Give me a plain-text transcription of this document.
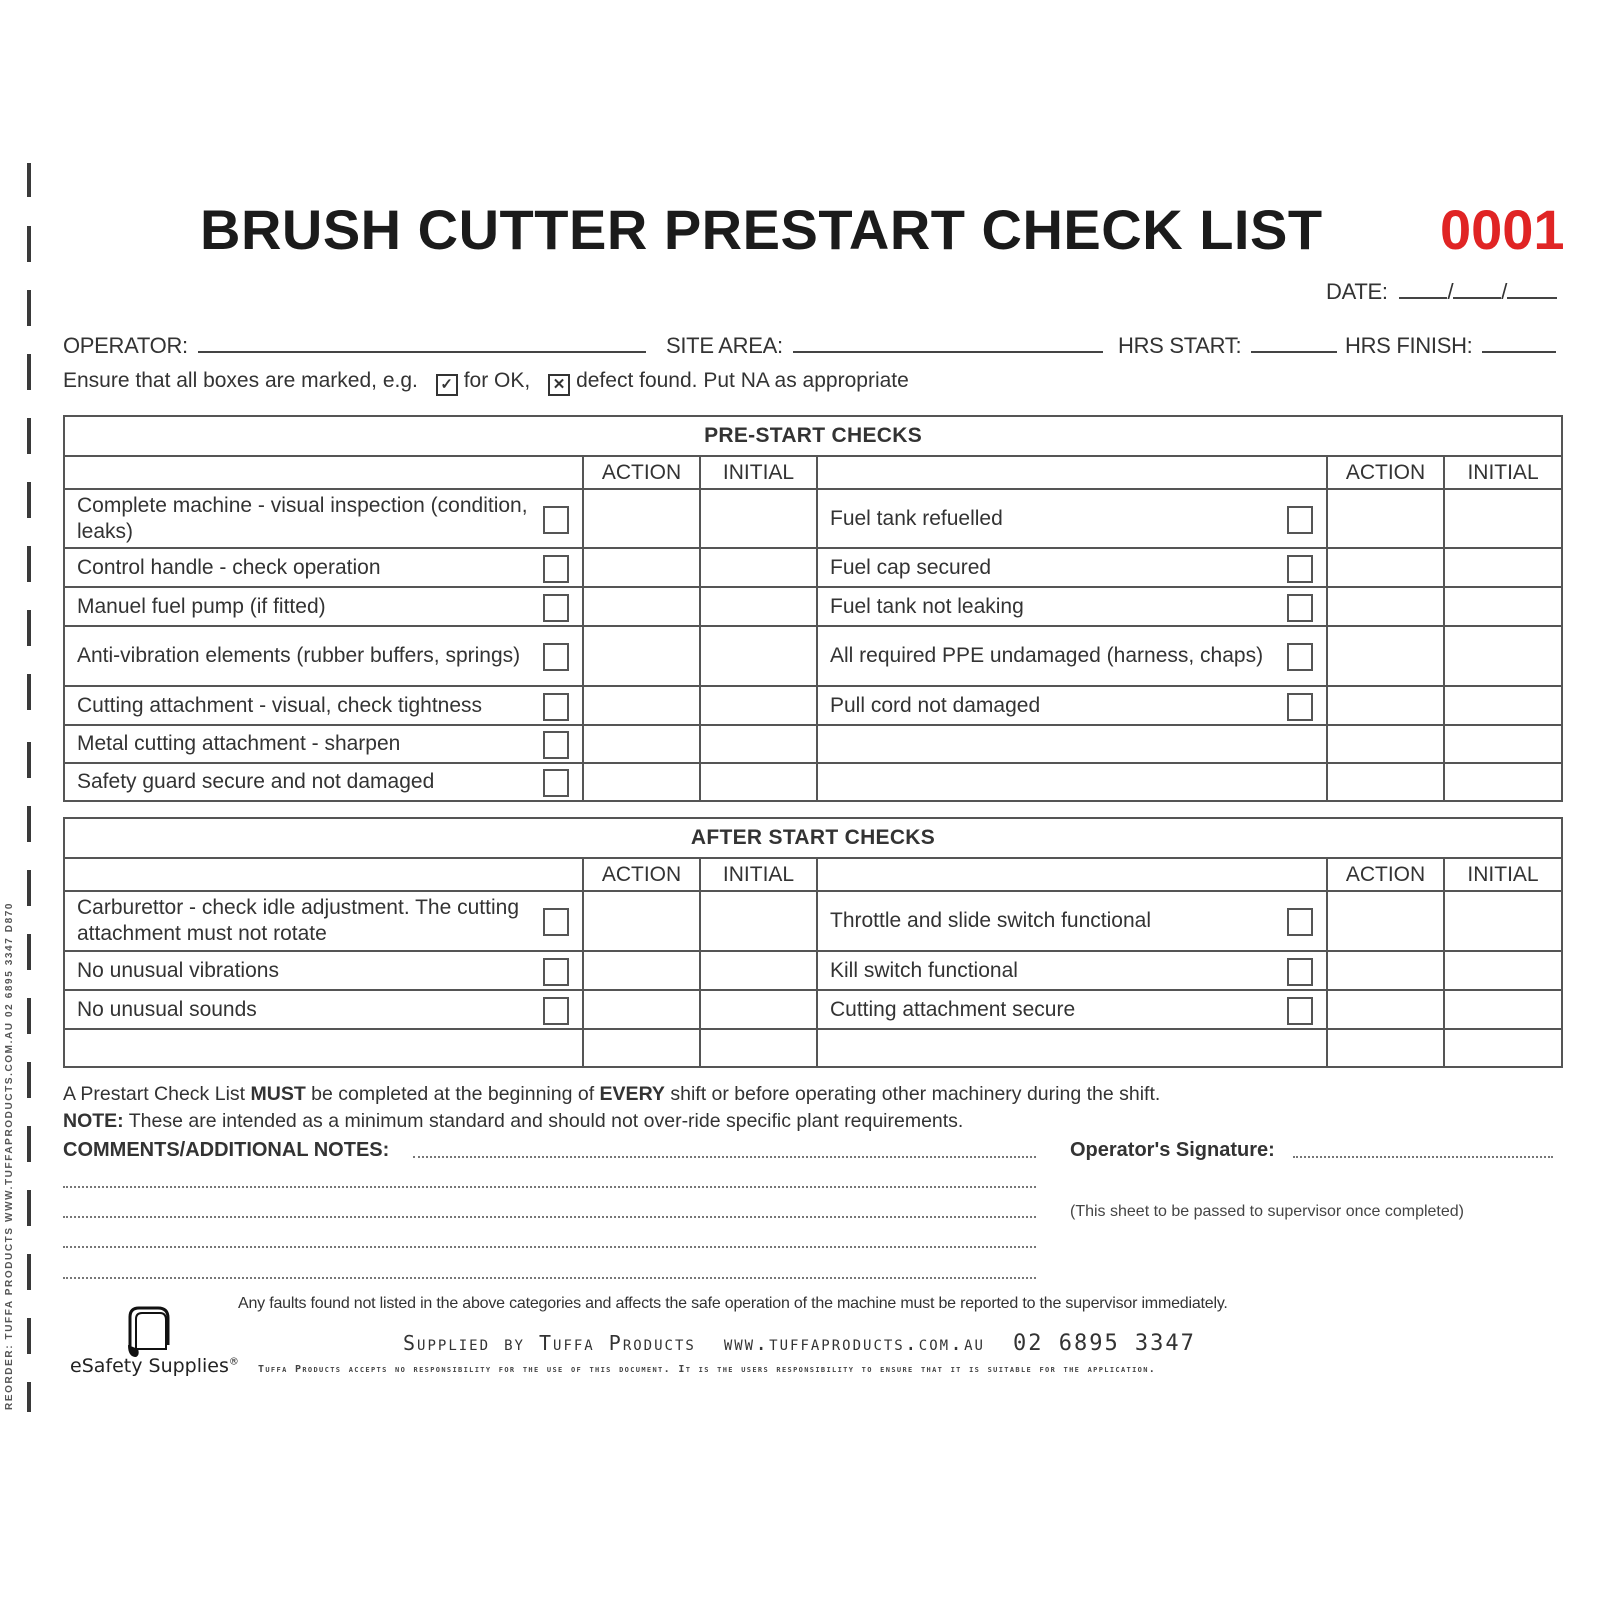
REORDER: TUFFA PRODUCTS WWW.TUFFAPRODUCTS.COM.AU 02 6895 3347 D870
BRUSH CUTTER PRESTART CHECK LIST 0001
DATE:	/ /
OPERATOR:	SITE AREA:	HRS START:	HRS FINISH:
Ensure that all boxes are marked, e.g. ✓ for OK, ✕ defect found. Put NA as appropriate
PRE-START CHECKS					
	ACTION	INITIAL		ACTION	INITIAL
Complete machine - visual inspection (condition, leaks)			Fuel tank refuelled

Control handle - check operation			Fuel cap secured

Manuel fuel pump (if fitted)			Fuel tank not leaking

Anti-vibration elements (rubber buffers, springs)			All required PPE undamaged (harness, chaps)

Cutting attachment - visual, check tightness			Pull cord not damaged

Metal cutting attachment - sharpen

Safety guard secure and not damaged

AFTER START CHECKS					
	ACTION	INITIAL		ACTION	INITIAL
Carburettor - check idle adjustment. The cutting attachment must not rotate			Throttle and slide switch functional

No unusual vibrations			Kill switch functional

No unusual sounds			Cutting attachment secure

A Prestart Check List MUST be completed at the beginning of EVERY shift or before operating other machinery during the shift.
NOTE: These are intended as a minimum standard and should not over-ride specific plant requirements.
COMMENTS/ADDITIONAL NOTES:	Operator's Signature:
(This sheet to be passed to supervisor once completed)
Any faults found not listed in the above categories and affects the safe operation of the machine must be reported to the supervisor immediately.
Supplied by Tuffa Products www.tuffaproducts.com.au 02 6895 3347
Tuffa Products accepts no responsibility for the use of this document. It is the users responsibility to ensure that it is suitable for the application.
eSafety Supplies®
